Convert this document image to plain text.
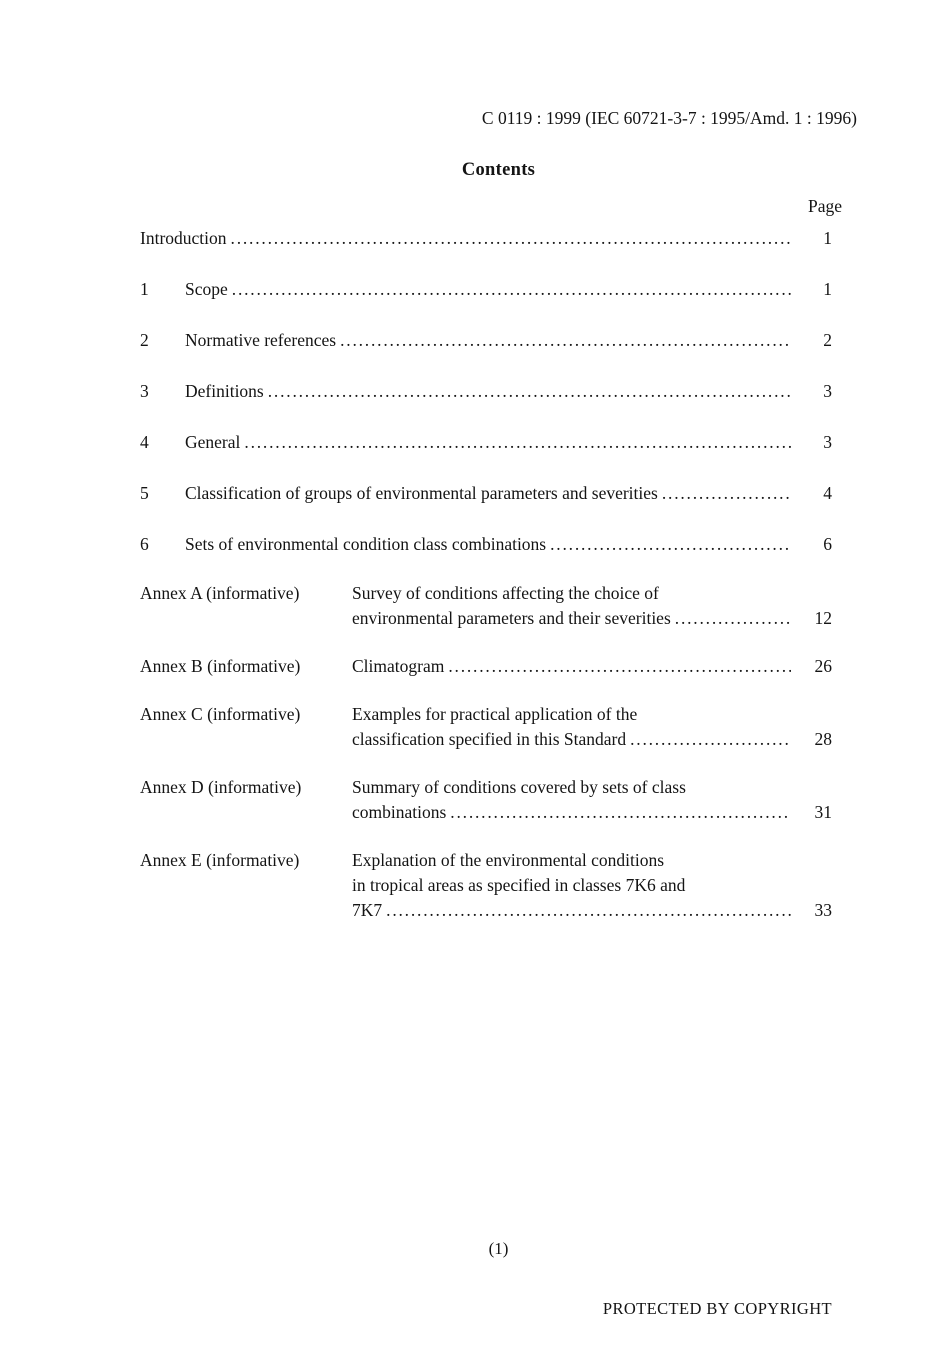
C 0119 : 1999 (IEC 60721-3-7 : 1995/Amd. 1 : 1996)
Contents
Page
Introduction .....	1
1	Scope .....	1
2	Normative references .....	2
3	Definitions .....	3
4	General .....	3
5	Classification of groups of environmental parameters and severities .....	4
6	Sets of environmental condition class combinations .....	6
Annex A (informative)	Survey of conditions affecting the choice of
environmental parameters and their severities .....	12
Annex B (informative)	Climatogram .....	26
Annex C (informative)	Examples for practical application of the
classification specified in this Standard .....	28
Annex D (informative)	Summary of conditions covered by sets of class
combinations .....	31
Annex E (informative)	Explanation of the environmental conditions
in tropical areas as specified in classes 7K6 and
7K7 .....	33
(1)
PROTECTED BY COPYRIGHT
